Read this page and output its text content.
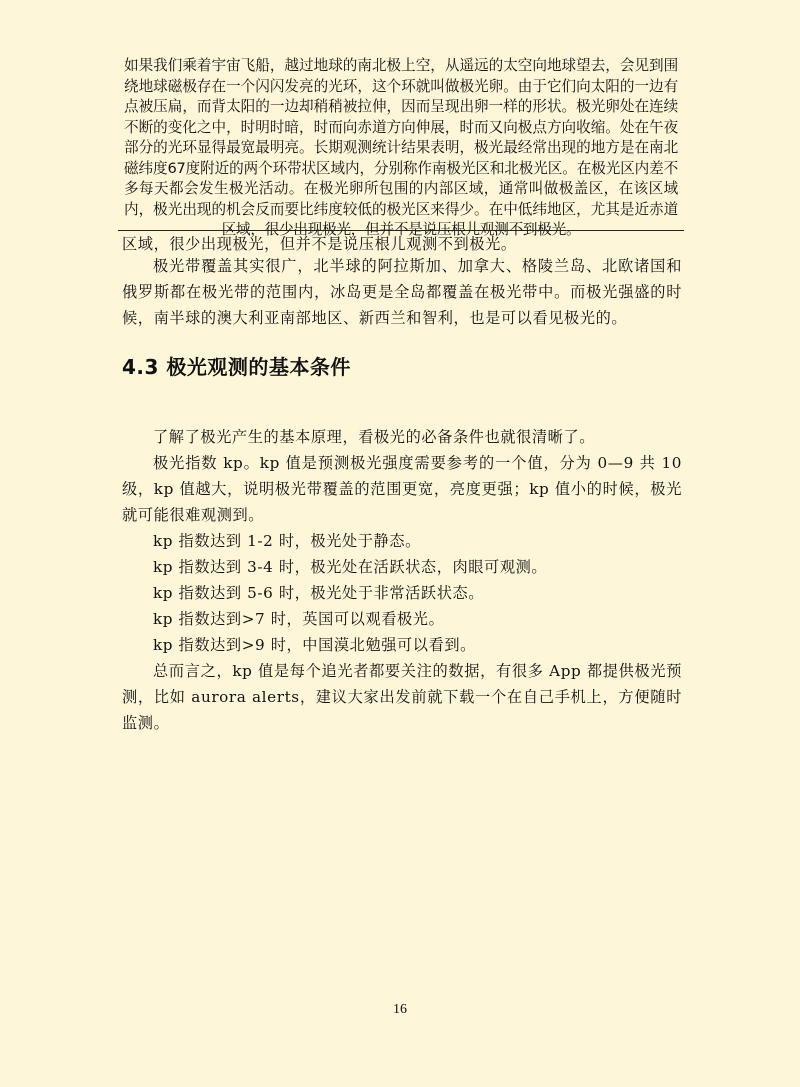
如果我们乘着宇宙飞船，越过地球的南北极上空，从遥远的太空向地球望去，会见到围绕地球磁极存在一个闪闪发亮的光环，这个环就叫做极光卵。由于它们向太阳的一边有点被压扁，而背太阳的一边却稍稍被拉伸，因而呈现出卵一样的形状。极光卵处在连续不断的变化之中，时明时暗，时而向赤道方向伸展，时而又向极点方向收缩。处在午夜部分的光环显得最宽最明亮。长期观测统计结果表明，极光最经常出现的地方是在南北磁纬度67度附近的两个环带状区域内，分别称作南极光区和北极光区。在极光区内差不多每天都会发生极光活动。在极光卵所包围的内部区域，通常叫做极盖区，在该区域内，极光出现的机会反而要比纬度较低的极光区来得少。在中低纬地区，尤其是近赤道区域，很少出现极光，但并不是说压根儿观测不到极光。

区域，很少出现极光，但并不是说压根儿观测不到极光。

极光带覆盖其实很广，北半球的阿拉斯加、加拿大、格陵兰岛、北欧诸国和俄罗斯都在极光带的范围内，冰岛更是全岛都覆盖在极光带中。而极光强盛的时候，南半球的澳大利亚南部地区、新西兰和智利，也是可以看见极光的。

4.3 极光观测的基本条件

了解了极光产生的基本原理，看极光的必备条件也就很清晰了。

极光指数 kp。kp 值是预测极光强度需要参考的一个值，分为 0—9 共 10 级，kp 值越大，说明极光带覆盖的范围更宽，亮度更强；kp 值小的时候，极光就可能很难观测到。

kp 指数达到 1-2 时，极光处于静态。

kp 指数达到 3-4 时，极光处在活跃状态，肉眼可观测。

kp 指数达到 5-6 时，极光处于非常活跃状态。

kp 指数达到>7 时，英国可以观看极光。

kp 指数达到>9 时，中国漠北勉强可以看到。

总而言之，kp 值是每个追光者都要关注的数据，有很多 App 都提供极光预测，比如 aurora alerts，建议大家出发前就下载一个在自己手机上，方便随时监测。

16
